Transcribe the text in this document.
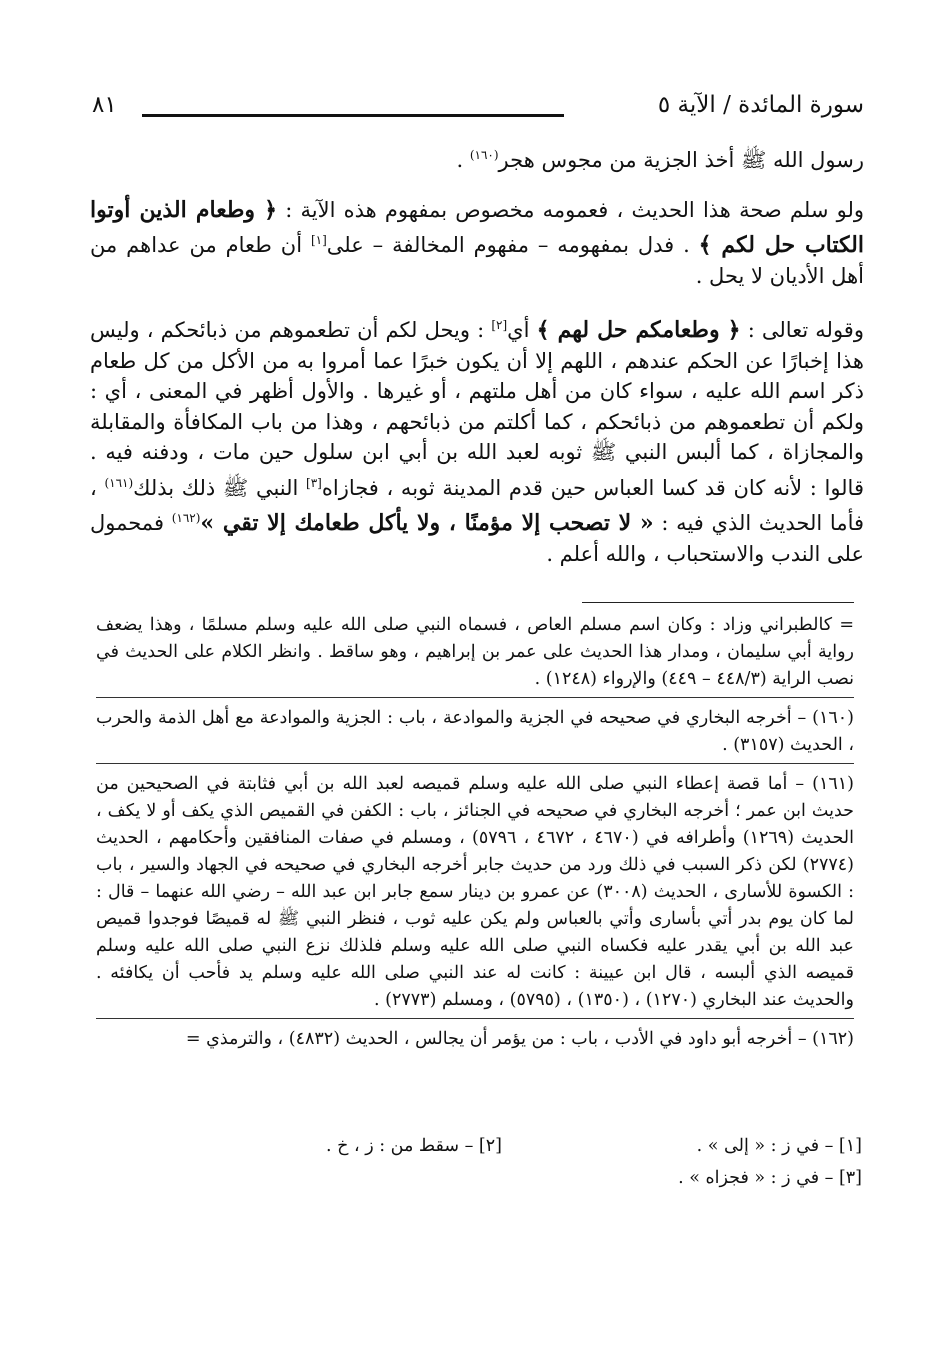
سورة المائدة / الآية ٥
٨١

رسول الله ﷺ أخذ الجزية من مجوس هجر$^{(١٦٠)}$ .

ولو سلم صحة هذا الحديث ، فعمومه مخصوص بمفهوم هذه الآية : ﴿ وطعام الذين أوتوا الكتاب حل لكم ﴾ . فدل بمفهومه – مفهوم المخالفة – على[١] أن طعام من عداهم من أهل الأديان لا يحل .

وقوله تعالى : ﴿ وطعامكم حل لهم ﴾ أي[٢] : ويحل لكم أن تطعموهم من ذبائحكم ، وليس هذا إخبارًا عن الحكم عندهم ، اللهم إلا أن يكون خبرًا عما أمروا به من الأكل من كل طعام ذكر اسم الله عليه ، سواء كان من أهل ملتهم ، أو غيرها . والأول أظهر في المعنى ، أي : ولكم أن تطعموهم من ذبائحكم ، كما أكلتم من ذبائحهم ، وهذا من باب المكافأة والمقابلة والمجازاة ، كما ألبس النبي ﷺ ثوبه لعبد الله بن أبي ابن سلول حين مات ، ودفنه فيه . قالوا : لأنه كان قد كسا العباس حين قدم المدينة ثوبه ، فجازاه[٣] النبي ﷺ ذلك بذلك$^{(١٦١)}$ ، فأما الحديث الذي فيه : « لا تصحب إلا مؤمنًا ، ولا يأكل طعامك إلا تقي »$^{(١٦٢)}$ فمحمول على الندب والاستحباب ، والله أعلم .

= كالطبراني وزاد : وكان اسم مسلم العاص ، فسماه النبي صلى الله عليه وسلم مسلمًا ، وهذا يضعف رواية أبي سليمان ، ومدار هذا الحديث على عمر بن إبراهيم ، وهو ساقط . وانظر الكلام على الحديث في نصب الراية (٤٤٨/٣ – ٤٤٩) والإرواء (١٢٤٨) .

(١٦٠) – أخرجه البخاري في صحيحه في الجزية والموادعة ، باب : الجزية والموادعة مع أهل الذمة والحرب ، الحديث (٣١٥٧) .

(١٦١) – أما قصة إعطاء النبي صلى الله عليه وسلم قميصه لعبد الله بن أبي فثابتة في الصحيحين من حديث ابن عمر ؛ أخرجه البخاري في صحيحه في الجنائز ، باب : الكفن في القميص الذي يكف أو لا يكف ، الحديث (١٢٦٩) وأطرافه في (٤٦٧٠ ، ٤٦٧٢ ، ٥٧٩٦) ، ومسلم في صفات المنافقين وأحكامهم ، الحديث (٢٧٧٤) لكن ذكر السبب في ذلك ورد من حديث جابر أخرجه البخاري في صحيحه في الجهاد والسير ، باب : الكسوة للأسارى ، الحديث (٣٠٠٨) عن عمرو بن دينار سمع جابر ابن عبد الله – رضي الله عنهما – قال : لما كان يوم بدر أتي بأسارى وأتي بالعباس ولم يكن عليه ثوب ، فنظر النبي ﷺ له قميصًا فوجدوا قميص عبد الله بن أبي يقدر عليه فكساه النبي صلى الله عليه وسلم فلذلك نزع النبي صلى الله عليه وسلم قميصه الذي ألبسه ، قال ابن عيينة : كانت له عند النبي صلى الله عليه وسلم يد فأحب أن يكافئه . والحديث عند البخاري (١٢٧٠) ، (١٣٥٠) ، (٥٧٩٥) ، ومسلم (٢٧٧٣) .

(١٦٢) – أخرجه أبو داود في الأدب ، باب : من يؤمر أن يجالس ، الحديث (٤٨٣٢) ، والترمذي =

[١] – في ز : « إلى » .
[٢] – سقط من : ز ، خ .
[٣] – في ز : « فجزاه » .
